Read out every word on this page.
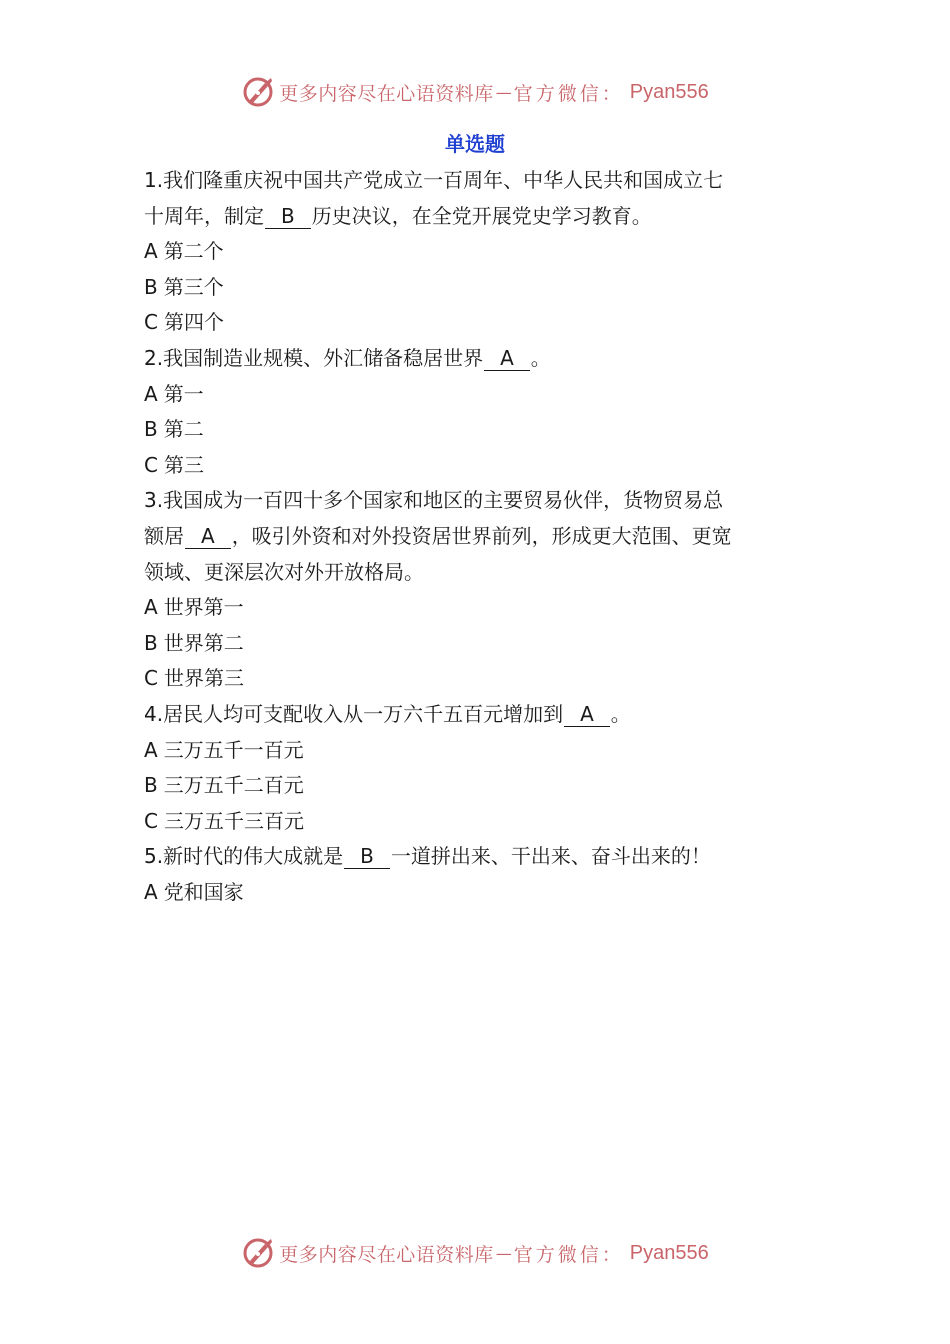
更多内容尽在心语资料库 — 官方微信： Pyan556
单选题
1.我们隆重庆祝中国共产党成立一百周年、中华人民共和国成立七
十周年，制定 B 历史决议，在全党开展党史学习教育。
A 第二个
B 第三个
C 第四个
2.我国制造业规模、外汇储备稳居世界 A 。
A 第一
B 第二
C 第三
3.我国成为一百四十多个国家和地区的主要贸易伙伴，货物贸易总
额居 A ，吸引外资和对外投资居世界前列，形成更大范围、更宽
领域、更深层次对外开放格局。
A 世界第一
B 世界第二
C 世界第三
4.居民人均可支配收入从一万六千五百元增加到 A 。
A 三万五千一百元
B 三万五千二百元
C 三万五千三百元
5.新时代的伟大成就是 B 一道拼出来、干出来、奋斗出来的！
A 党和国家
更多内容尽在心语资料库 — 官方微信： Pyan556
